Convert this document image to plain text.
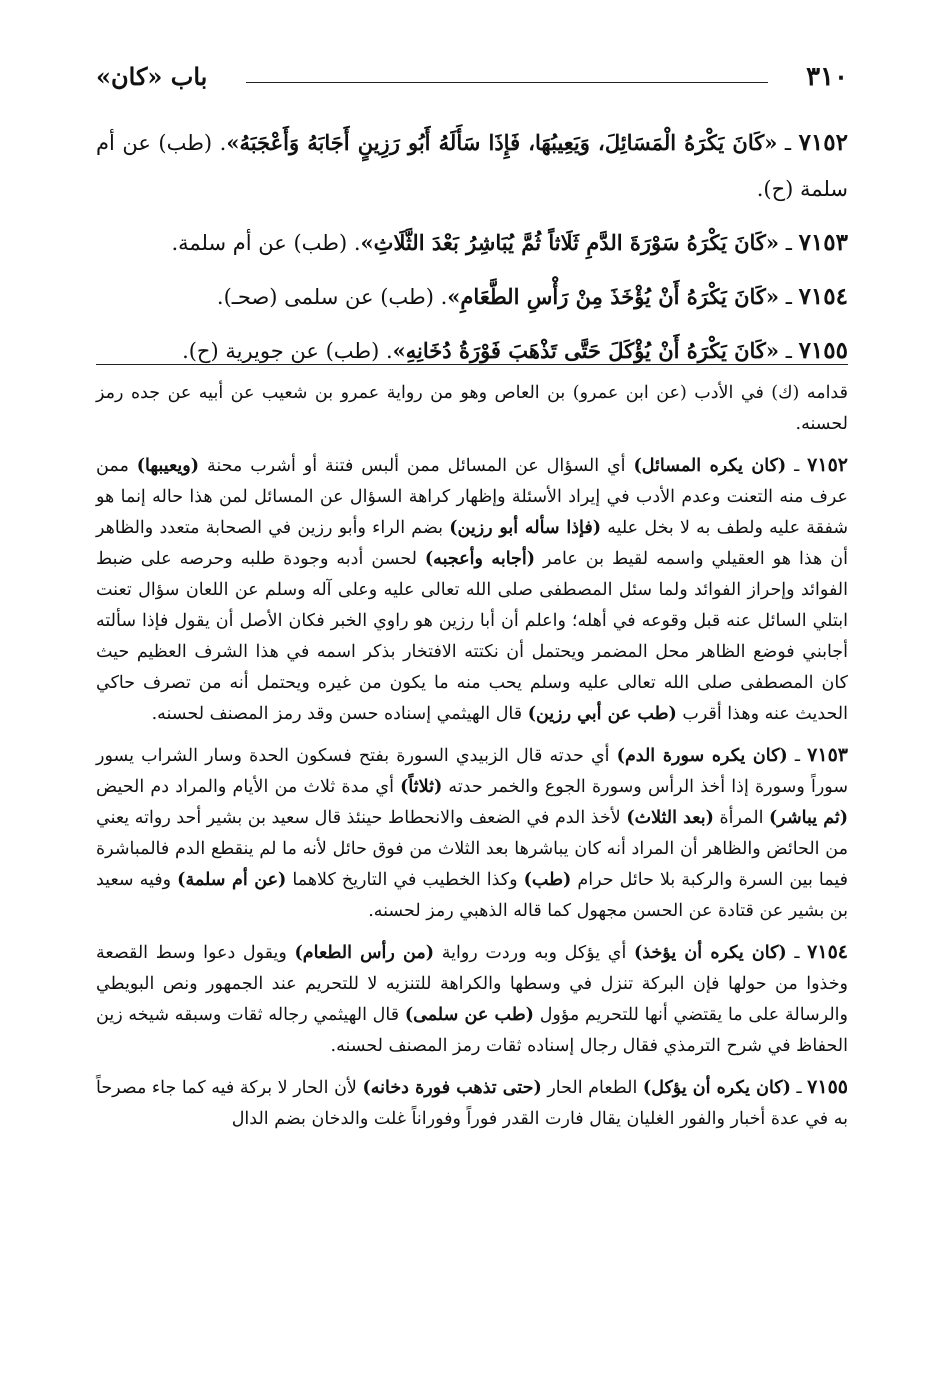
٣١٠
باب «كان»

٧١٥٢ ـ «كَانَ يَكْرَهُ الْمَسَائِلَ، وَيَعِيبُهَا، فَإِذَا سَأَلَهُ أَبُو رَزِينٍ أَجَابَهُ وَأَعْجَبَهُ». (طب) عن أم سلمة (ح).

٧١٥٣ ـ «كَانَ يَكْرَهُ سَوْرَةَ الدَّمِ ثَلَاثاً ثُمَّ يُبَاشِرُ بَعْدَ الثَّلَاثِ». (طب) عن أم سلمة.

٧١٥٤ ـ «كَانَ يَكْرَهُ أَنْ يُؤْخَذَ مِنْ رَأْسِ الطَّعَامِ». (طب) عن سلمى (صحـ).

٧١٥٥ ـ «كَانَ يَكْرَهُ أَنْ يُؤْكَلَ حَتَّى تَذْهَبَ فَوْرَةُ دُخَانِهِ». (طب) عن جويرية (ح).

قدامه (ك) في الأدب (عن ابن عمرو) بن العاص وهو من رواية عمرو بن شعيب عن أبيه عن جده رمز لحسنه.

٧١٥٢ ـ (كان يكره المسائل) أي السؤال عن المسائل ممن ألبس فتنة أو أشرب محنة (ويعيبها) ممن عرف منه التعنت وعدم الأدب في إيراد الأسئلة وإظهار كراهة السؤال عن المسائل لمن هذا حاله إنما هو شفقة عليه ولطف به لا بخل عليه (فإذا سأله أبو رزين) بضم الراء وأبو رزين في الصحابة متعدد والظاهر أن هذا هو العقيلي واسمه لقيط بن عامر (أجابه وأعجبه) لحسن أدبه وجودة طلبه وحرصه على ضبط الفوائد وإحراز الفوائد ولما سئل المصطفى صلى الله تعالى عليه وعلى آله وسلم عن اللعان سؤال تعنت ابتلي السائل عنه قبل وقوعه في أهله؛ واعلم أن أبا رزين هو راوي الخبر فكان الأصل أن يقول فإذا سألته أجابني فوضع الظاهر محل المضمر ويحتمل أن نكتته الافتخار بذكر اسمه في هذا الشرف العظيم حيث كان المصطفى صلى الله تعالى عليه وسلم يحب منه ما يكون من غيره ويحتمل أنه من تصرف حاكي الحديث عنه وهذا أقرب (طب عن أبي رزين) قال الهيثمي إسناده حسن وقد رمز المصنف لحسنه.

٧١٥٣ ـ (كان يكره سورة الدم) أي حدته قال الزبيدي السورة بفتح فسكون الحدة وسار الشراب يسور سوراً وسورة إذا أخذ الرأس وسورة الجوع والخمر حدته (ثلاثاً) أي مدة ثلاث من الأيام والمراد دم الحيض (ثم يباشر) المرأة (بعد الثلاث) لأخذ الدم في الضعف والانحطاط حينئذ قال سعيد بن بشير أحد رواته يعني من الحائض والظاهر أن المراد أنه كان يباشرها بعد الثلاث من فوق حائل لأنه ما لم ينقطع الدم فالمباشرة فيما بين السرة والركبة بلا حائل حرام (طب) وكذا الخطيب في التاريخ كلاهما (عن أم سلمة) وفيه سعيد بن بشير عن قتادة عن الحسن مجهول كما قاله الذهبي رمز لحسنه.

٧١٥٤ ـ (كان يكره أن يؤخذ) أي يؤكل وبه وردت رواية (من رأس الطعام) ويقول دعوا وسط القصعة وخذوا من حولها فإن البركة تنزل في وسطها والكراهة للتنزيه لا للتحريم عند الجمهور ونص البويطي والرسالة على ما يقتضي أنها للتحريم مؤول (طب عن سلمى) قال الهيثمي رجاله ثقات وسبقه شيخه زين الحفاظ في شرح الترمذي فقال رجال إسناده ثقات رمز المصنف لحسنه.

٧١٥٥ ـ (كان يكره أن يؤكل) الطعام الحار (حتى تذهب فورة دخانه) لأن الحار لا بركة فيه كما جاء مصرحاً به في عدة أخبار والفور الغليان يقال فارت القدر فوراً وفوراناً غلت والدخان بضم الدال
